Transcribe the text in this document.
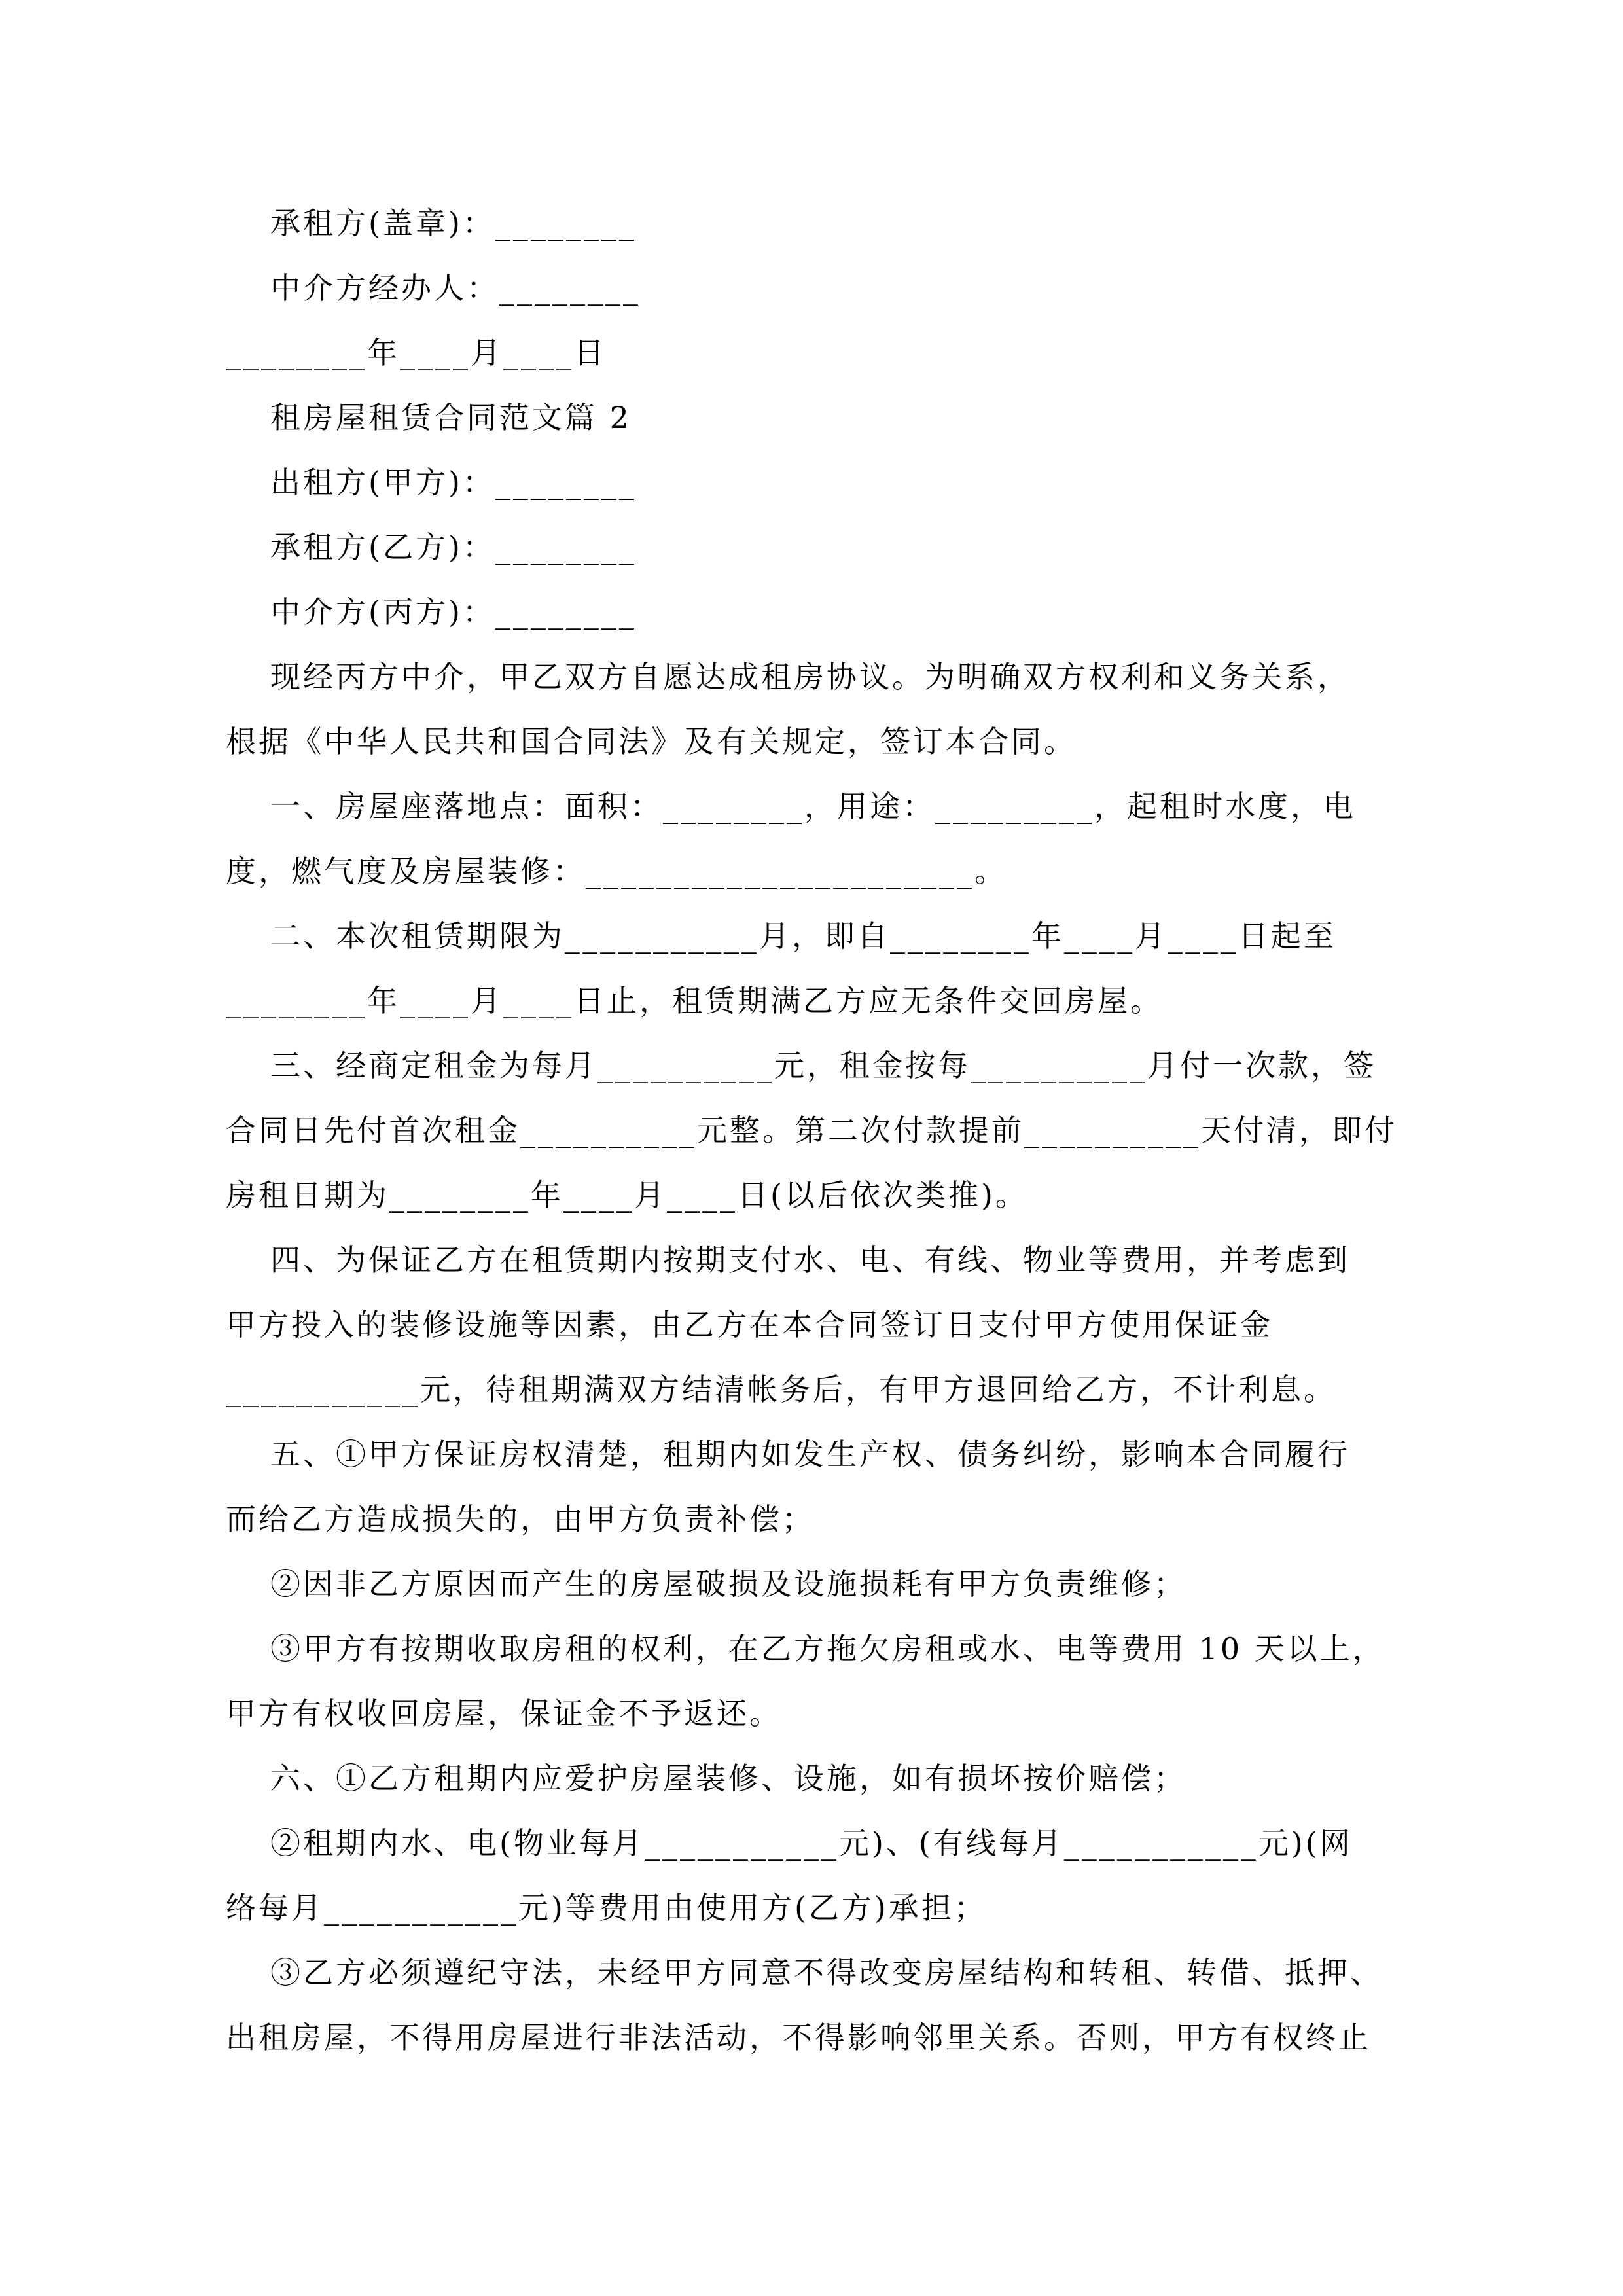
承租方(盖章)：________
中介方经办人：________
________年____月____日
租房屋租赁合同范文篇 2
出租方(甲方)：________
承租方(乙方)：________
中介方(丙方)：________
现经丙方中介，甲乙双方自愿达成租房协议。为明确双方权利和义务关系，
根据《中华人民共和国合同法》及有关规定，签订本合同。
一、房屋座落地点：面积：________，用途：_________，起租时水度，电
度，燃气度及房屋装修：______________________。
二、本次租赁期限为___________月，即自________年____月____日起至
________年____月____日止，租赁期满乙方应无条件交回房屋。
三、经商定租金为每月__________元，租金按每__________月付一次款，签
合同日先付首次租金__________元整。第二次付款提前__________天付清，即付
房租日期为________年____月____日(以后依次类推)。
四、为保证乙方在租赁期内按期支付水、电、有线、物业等费用，并考虑到
甲方投入的装修设施等因素，由乙方在本合同签订日支付甲方使用保证金
___________元，待租期满双方结清帐务后，有甲方退回给乙方，不计利息。
五、①甲方保证房权清楚，租期内如发生产权、债务纠纷，影响本合同履行
而给乙方造成损失的，由甲方负责补偿；
②因非乙方原因而产生的房屋破损及设施损耗有甲方负责维修；
③甲方有按期收取房租的权利，在乙方拖欠房租或水、电等费用 10 天以上，
甲方有权收回房屋，保证金不予返还。
六、①乙方租期内应爱护房屋装修、设施，如有损坏按价赔偿；
②租期内水、电(物业每月___________元)、(有线每月___________元)(网
络每月___________元)等费用由使用方(乙方)承担；
③乙方必须遵纪守法，未经甲方同意不得改变房屋结构和转租、转借、抵押、
出租房屋，不得用房屋进行非法活动，不得影响邻里关系。否则，甲方有权终止
